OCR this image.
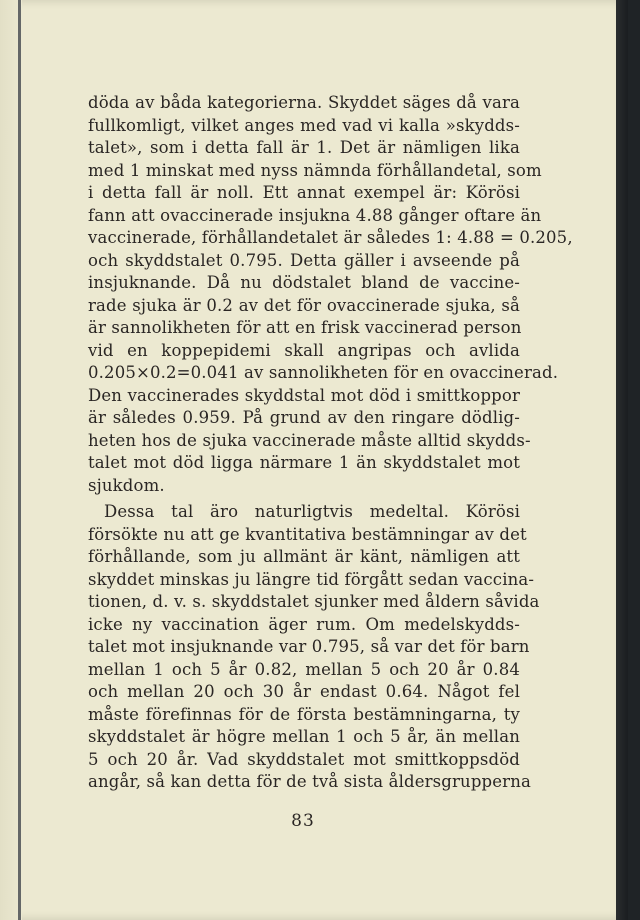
döda av båda kategorierna. Skyddet säges då vara
fullkomligt, vilket anges med vad vi kalla »skydds-
talet», som i detta fall är 1. Det är nämligen lika
med 1 minskat med nyss nämnda förhållandetal, som
i detta fall är noll. Ett annat exempel är: Körösi
fann att ovaccinerade insjukna 4.88 gånger oftare än
vaccinerade, förhållandetalet är således 1: 4.88 = 0.205,
och skyddstalet 0.795. Detta gäller i avseende på
insjuknande. Då nu dödstalet bland de vaccine-
rade sjuka är 0.2 av det för ovaccinerade sjuka, så
är sannolikheten för att en frisk vaccinerad person
vid en koppepidemi skall angripas och avlida
0.205×0.2=0.041 av sannolikheten för en ovaccinerad.
Den vaccinerades skyddstal mot död i smittkoppor
är således 0.959. På grund av den ringare dödlig-
heten hos de sjuka vaccinerade måste alltid skydds-
talet mot död ligga närmare 1 än skyddstalet mot
sjukdom.
Dessa tal äro naturligtvis medeltal. Körösi
försökte nu att ge kvantitativa bestämningar av det
förhållande, som ju allmänt är känt, nämligen att
skyddet minskas ju längre tid förgått sedan vaccina-
tionen, d. v. s. skyddstalet sjunker med åldern såvida
icke ny vaccination äger rum. Om medelskydds-
talet mot insjuknande var 0.795, så var det för barn
mellan 1 och 5 år 0.82, mellan 5 och 20 år 0.84
och mellan 20 och 30 år endast 0.64. Något fel
måste förefinnas för de första bestämningarna, ty
skyddstalet är högre mellan 1 och 5 år, än mellan
5 och 20 år. Vad skyddstalet mot smittkoppsdöd
angår, så kan detta för de två sista åldersgrupperna
83
